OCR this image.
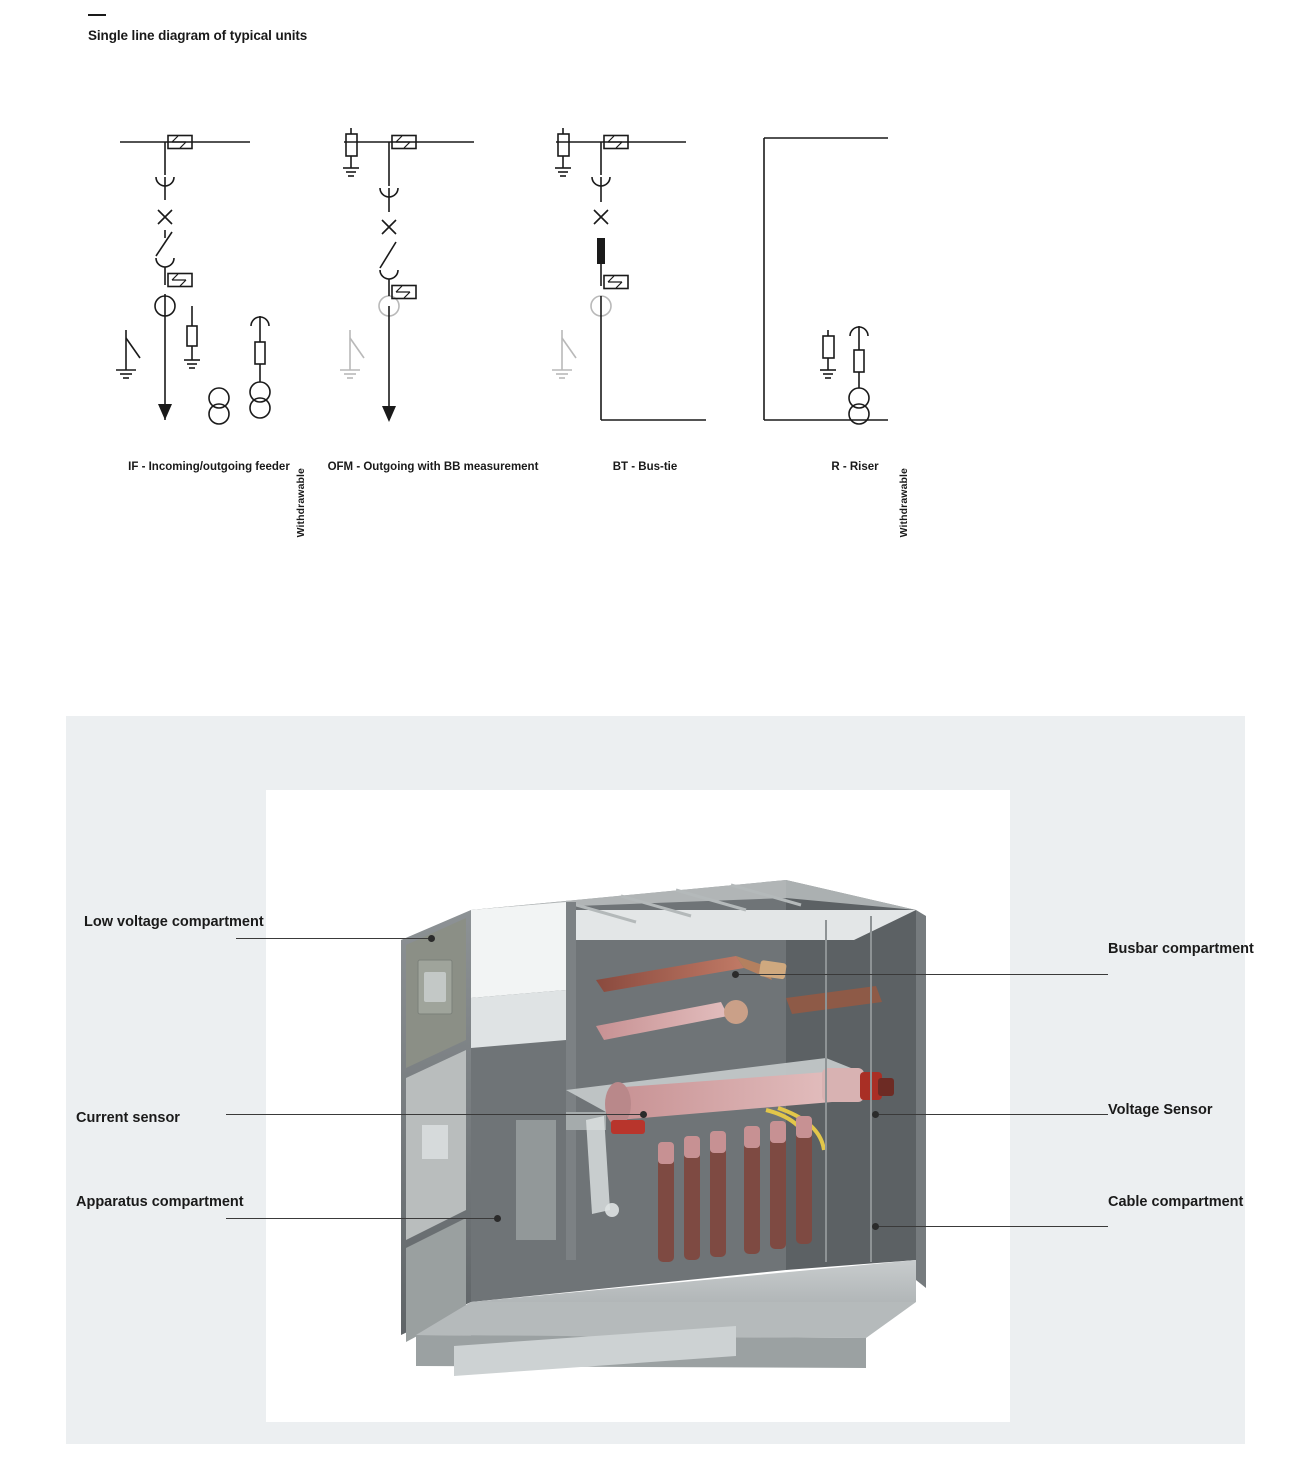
Single line diagram of typical units
IF - Incoming/outgoing feeder
Withdrawable
OFM - Outgoing with BB measurement	BT - Bus-tie	R - Riser
Withdrawable
Low voltage compartment
Current sensor
Apparatus compartment
Busbar compartment
Voltage Sensor
Cable compartment
